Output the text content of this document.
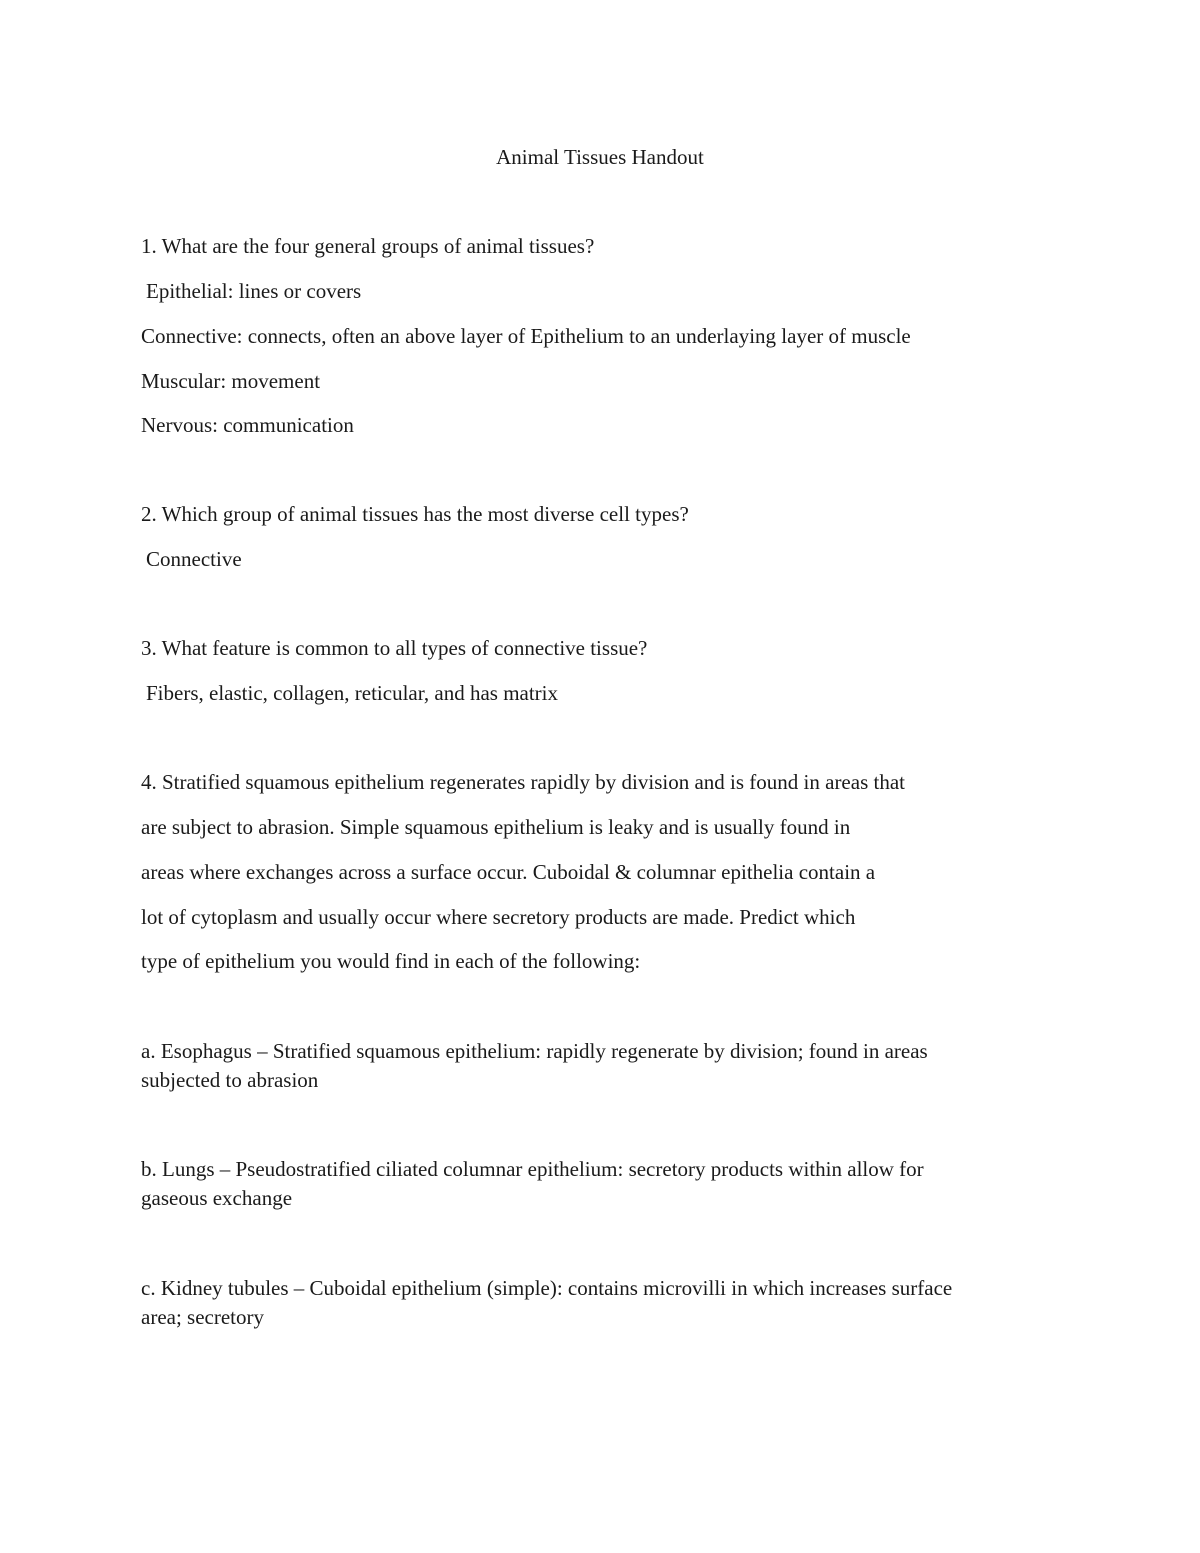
Animal Tissues Handout
1. What are the four general groups of animal tissues?
Epithelial: lines or covers
Connective: connects, often an above layer of Epithelium to an underlaying layer of muscle
Muscular: movement
Nervous: communication
2. Which group of animal tissues has the most diverse cell types?
Connective
3. What feature is common to all types of connective tissue?
Fibers, elastic, collagen, reticular, and has matrix
4. Stratified squamous epithelium regenerates rapidly by division and is found in areas that
are subject to abrasion. Simple squamous epithelium is leaky and is usually found in
areas where exchanges across a surface occur. Cuboidal & columnar epithelia contain a
lot of cytoplasm and usually occur where secretory products are made. Predict which
type of epithelium you would find in each of the following:
a. Esophagus – Stratified squamous epithelium: rapidly regenerate by division; found in areas
subjected to abrasion
b. Lungs – Pseudostratified ciliated columnar epithelium: secretory products within allow for
gaseous exchange
c. Kidney tubules – Cuboidal epithelium (simple): contains microvilli in which increases surface
area; secretory
